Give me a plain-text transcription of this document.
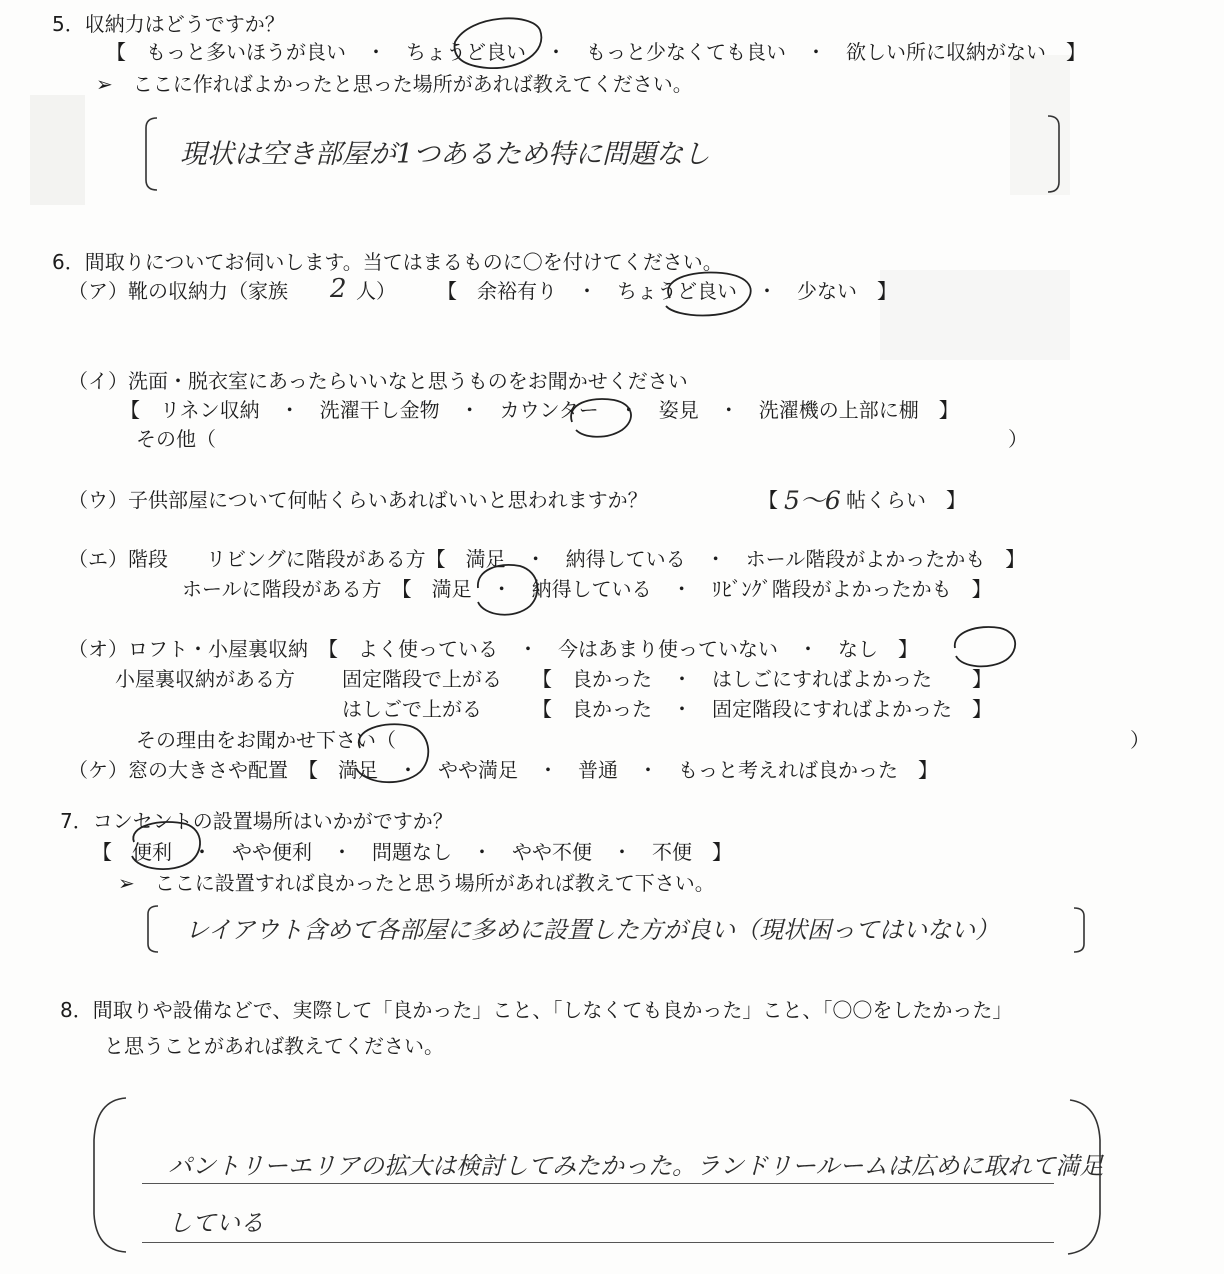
5．収納力はどうですか？
【　もっと多いほうが良い　・　ちょうど良い　・　もっと少なくても良い　・　欲しい所に収納がない　】
➢　ここに作ればよかったと思った場所があれば教えてください。
現状は空き部屋が1つあるため特に問題なし
6．間取りについてお伺いします。当てはまるものに〇を付けてください。
（ア）靴の収納力（家族 2 人） 【　余裕有り　・　ちょうど良い　・　少ない　】
（イ）洗面・脱衣室にあったらいいなと思うものをお聞かせください
【　リネン収納　・　洗濯干し金物　・　カウンター　・　姿見　・　洗濯機の上部に棚　】
その他（	）
（ウ）子供部屋について何帖くらいあればいいと思われますか？	【 5～6 帖くらい　】
（エ）階段 リビングに階段がある方【　満足　・　納得している　・　ホール階段がよかったかも　】
ホールに階段がある方　【　満足　・　納得している　・　ﾘﾋﾞﾝｸﾞ階段がよかったかも　】
（オ）ロフト・小屋裏収納　【　よく使っている　・　今はあまり使っていない　・　なし　】
小屋裏収納がある方 固定階段で上がる　　【　良かった　・　はしごにすればよかった　　】
はしごで上がる　　　【　良かった　・　固定階段にすればよかった　】
その理由をお聞かせ下さい（	）
（ケ）窓の大きさや配置　【　満足　・　やや満足　・　普通　・　もっと考えれば良かった　】
7．コンセントの設置場所はいかがですか？
【　便利　・　やや便利　・　問題なし　・　やや不便　・　不便　】
➢　ここに設置すれば良かったと思う場所があれば教えて下さい。
レイアウト含めて各部屋に多めに設置した方が良い（現状困ってはいない）
8．間取りや設備などで、実際して「良かった」こと、「しなくても良かった」こと、「〇〇をしたかった」
と思うことがあれば教えてください。
パントリーエリアの拡大は検討してみたかった。ランドリールームは広めに取れて満足
している
